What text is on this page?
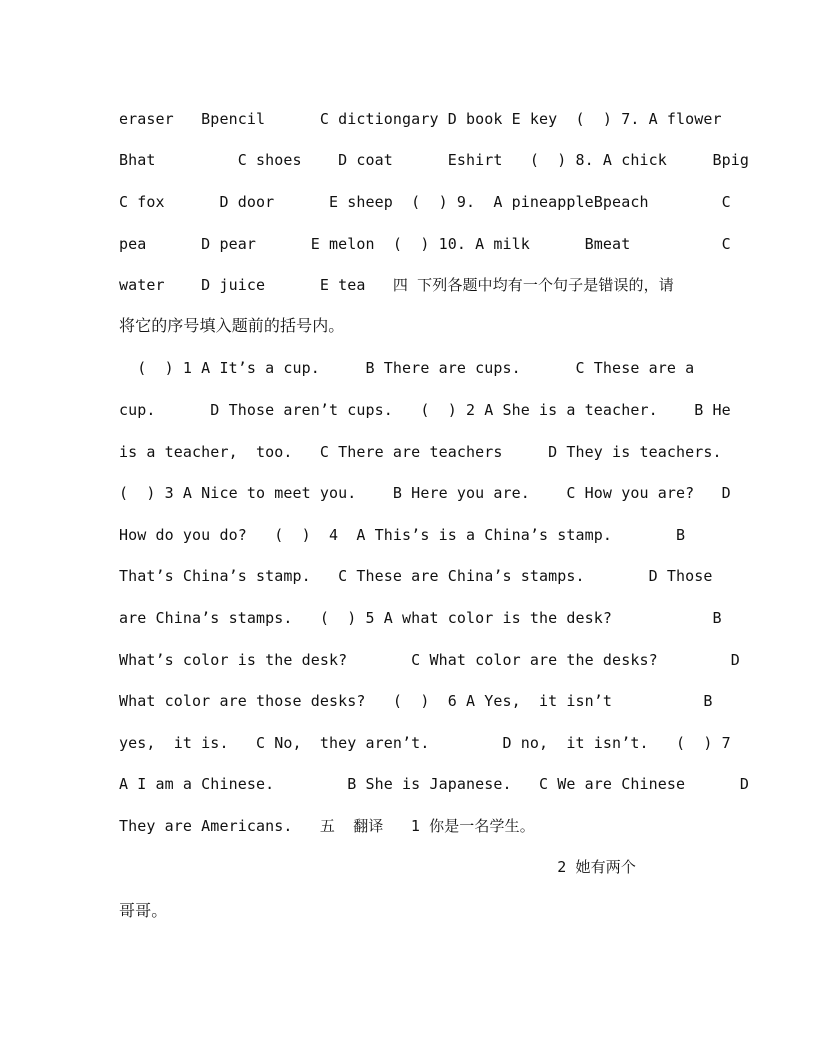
eraser   Bpencil      C dictiongary D book E key  (  ) 7. A flower
Bhat         C shoes    D coat      Eshirt   (  ) 8. A chick     Bpig
C fox      D door      E sheep  (  ) 9.  A pineappleBpeach        C
pea      D pear      E melon  (  ) 10. A milk      Bmeat          C
water    D juice      E tea   四 下列各题中均有一个句子是错误的，请
将它的序号填入题前的括号内。
(  ) 1 A It’s a cup.     B There are cups.      C These are a
cup.      D Those aren’t cups.   (  ) 2 A She is a teacher.    B He
is a teacher,  too.   C There are teachers     D They is teachers.
(  ) 3 A Nice to meet you.    B Here you are.    C How you are?   D
How do you do?   (  )  4  A This’s is a China’s stamp.       B
That’s China’s stamp.   C These are China’s stamps.       D Those
are China’s stamps.   (  ) 5 A what color is the desk?           B
What’s color is the desk?       C What color are the desks?        D
What color are those desks?   (  )  6 A Yes,  it isn’t          B
yes,  it is.   C No,  they aren’t.        D no,  it isn’t.   (  ) 7
A I am a Chinese.        B She is Japanese.   C We are Chinese      D
They are Americans.   五  翻译   1 你是一名学生。
2 她有两个
哥哥。
